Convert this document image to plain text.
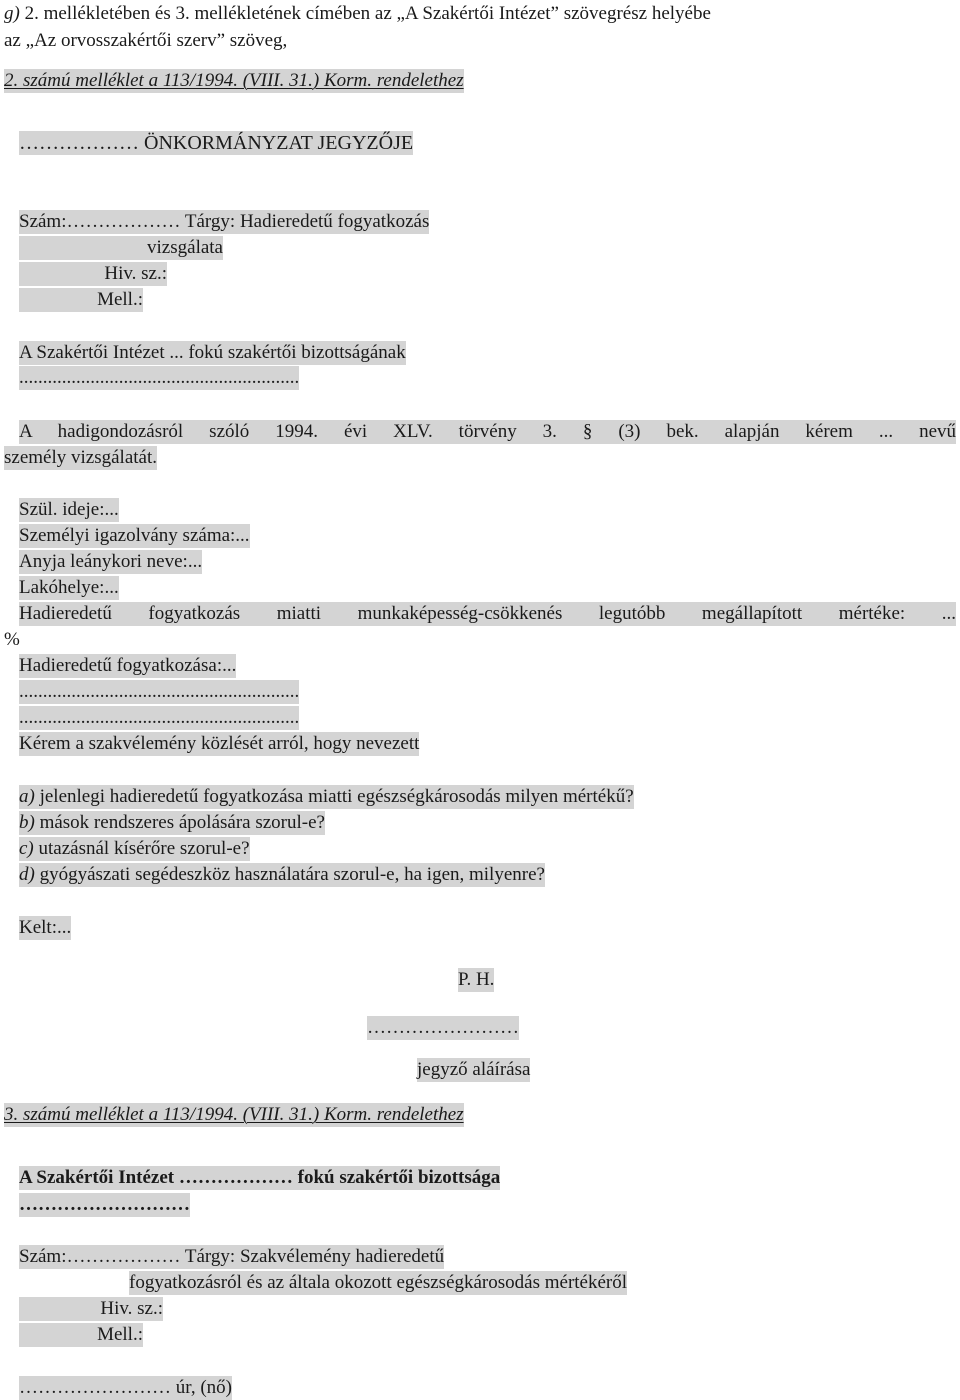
g) 2. mellékletében és 3. mellékletének címében az „A Szakértői Intézet” szövegrész helyébe
az „Az orvosszakértői szerv” szöveg,
2. számú melléklet a 113/1994. (VIII. 31.) Korm. rendelethez
……………… ÖNKORMÁNYZAT JEGYZŐJE
Szám:……………… Tárgy: Hadieredetű fogyatkozás
vizsgálata
Hiv. sz.:
Mell.:
A Szakértői Intézet ... fokú szakértői bizottságának
...........................................................
A hadigondozásról szóló 1994. évi XLV. törvény 3. § (3) bek. alapján kérem ... nevű
személy vizsgálatát.
Szül. ideje:...
Személyi igazolvány száma:...
Anyja leánykori neve:...
Lakóhelye:...
Hadieredetű fogyatkozás miatti munkaképesség-csökkenés legutóbb megállapított mértéke: ...
%
Hadieredetű fogyatkozása:...
...........................................................
...........................................................
Kérem a szakvélemény közlését arról, hogy nevezett
a) jelenlegi hadieredetű fogyatkozása miatti egészségkárosodás milyen mértékű?
b) mások rendszeres ápolására szorul-e?
c) utazásnál kísérőre szorul-e?
d) gyógyászati segédeszköz használatára szorul-e, ha igen, milyenre?
Kelt:...
P. H.
……………………
jegyző aláírása
3. számú melléklet a 113/1994. (VIII. 31.) Korm. rendelethez
A Szakértői Intézet ……………… fokú szakértői bizottsága
………………………
Szám:……………… Tárgy: Szakvélemény hadieredetű
fogyatkozásról és az általa okozott egészségkárosodás mértékéről
Hiv. sz.:
Mell.:
…………………… úr, (nő)
